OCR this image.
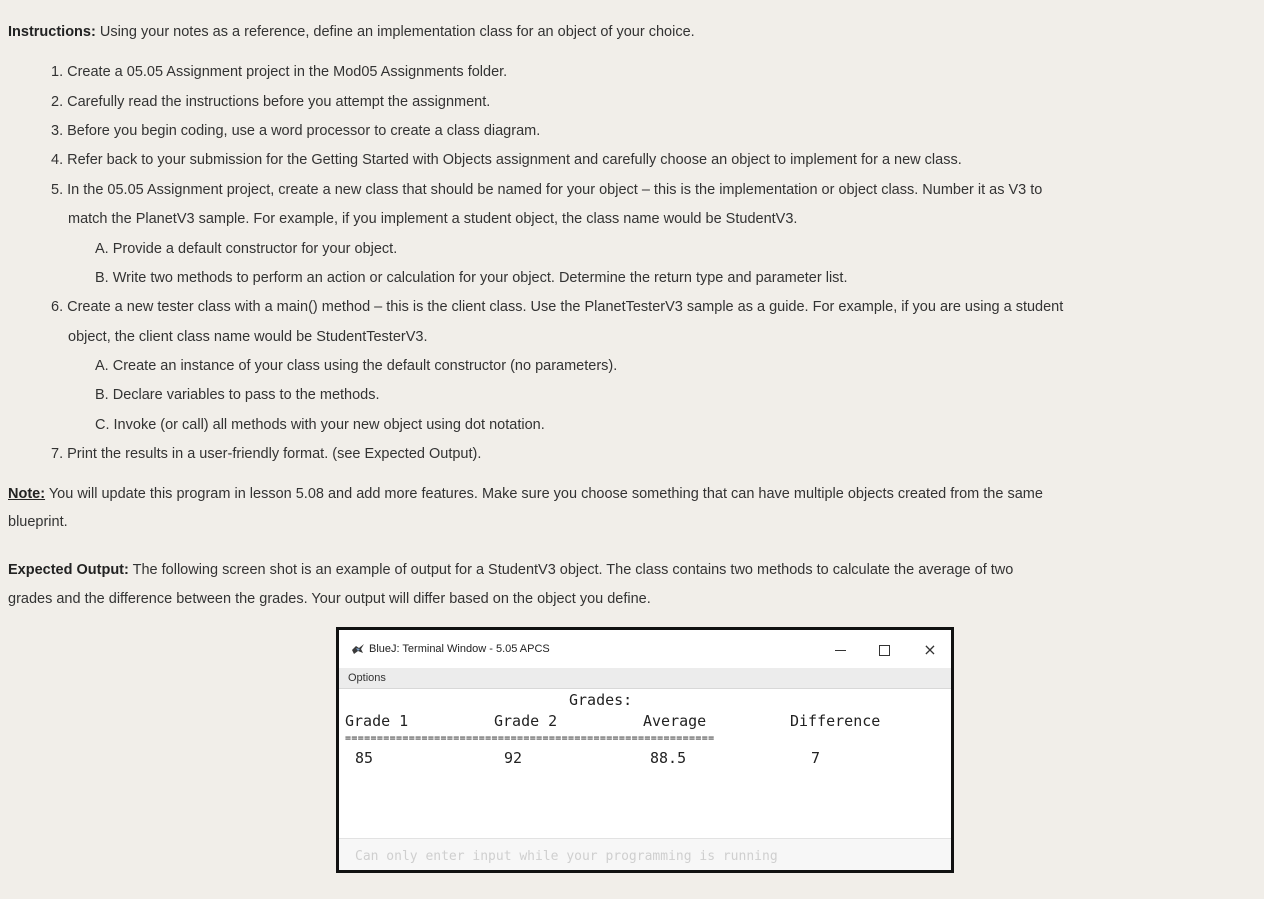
Instructions: Using your notes as a reference, define an implementation class for an object of your choice.
1. Create a 05.05 Assignment project in the Mod05 Assignments folder.
2. Carefully read the instructions before you attempt the assignment.
3. Before you begin coding, use a word processor to create a class diagram.
4. Refer back to your submission for the Getting Started with Objects assignment and carefully choose an object to implement for a new class.
5. In the 05.05 Assignment project, create a new class that should be named for your object – this is the implementation or object class. Number it as V3 to
match the PlanetV3 sample. For example, if you implement a student object, the class name would be StudentV3.
A. Provide a default constructor for your object.
B. Write two methods to perform an action or calculation for your object. Determine the return type and parameter list.
6. Create a new tester class with a main() method – this is the client class. Use the PlanetTesterV3 sample as a guide. For example, if you are using a student
object, the client class name would be StudentTesterV3.
A. Create an instance of your class using the default constructor (no parameters).
B. Declare variables to pass to the methods.
C. Invoke (or call) all methods with your new object using dot notation.
7. Print the results in a user-friendly format. (see Expected Output).
Note: You will update this program in lesson 5.08 and add more features. Make sure you choose something that can have multiple objects created from the same
blueprint.
Expected Output: The following screen shot is an example of output for a StudentV3 object. The class contains two methods to calculate the average of two
grades and the difference between the grades. Your output will differ based on the object you define.
BlueJ: Terminal Window - 5.05 APCS	×
Options
Grades:
Grade 1	Grade 2	Average	Difference
==========================================================
85	92	88.5	7
Can only enter input while your programming is running
